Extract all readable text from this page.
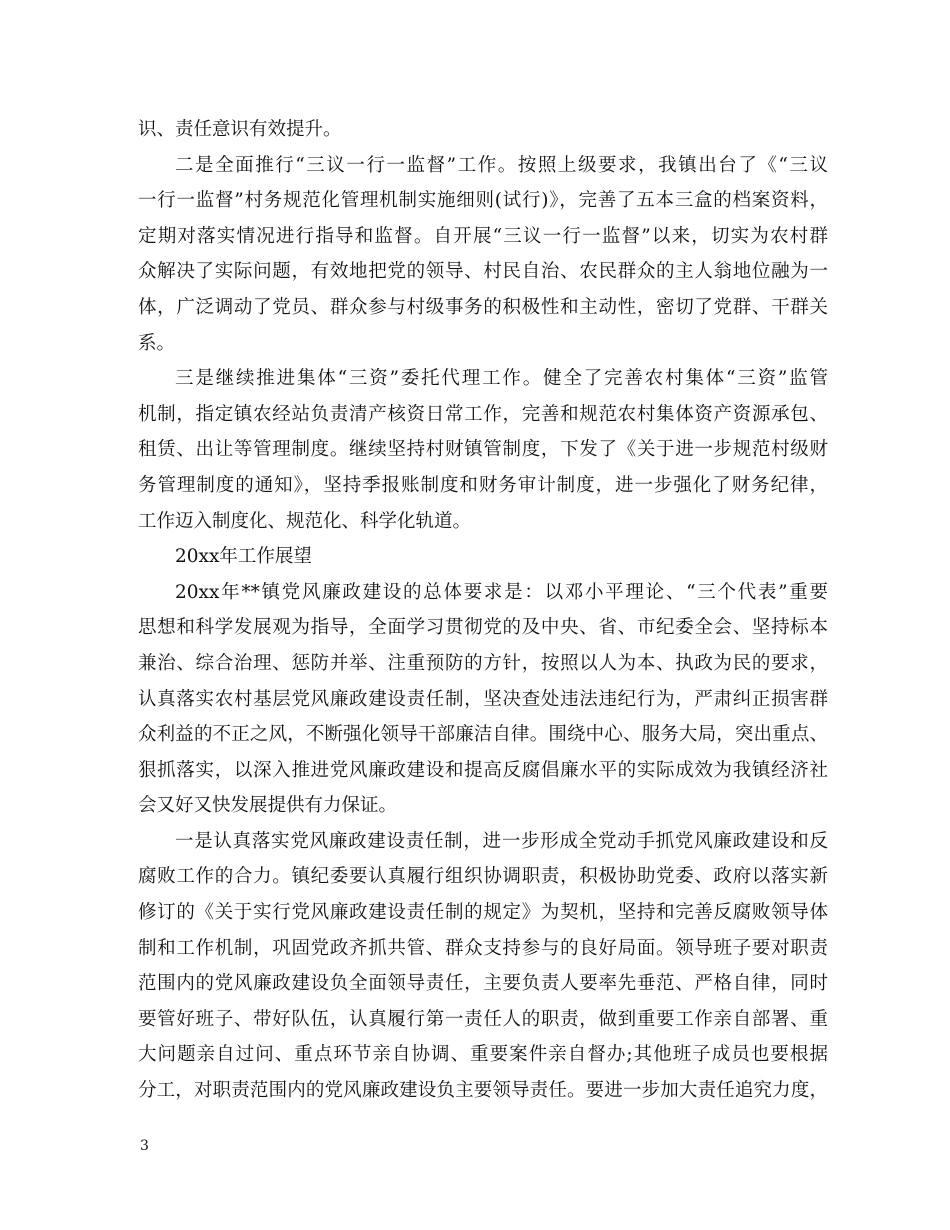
识、责任意识有效提升。
二是全面推行“三议一行一监督”工作。按照上级要求，我镇出台了《“三议
一行一监督”村务规范化管理机制实施细则(试行)》，完善了五本三盒的档案资料，
定期对落实情况进行指导和监督。自开展“三议一行一监督”以来，切实为农村群
众解决了实际问题，有效地把党的领导、村民自治、农民群众的主人翁地位融为一
体，广泛调动了党员、群众参与村级事务的积极性和主动性，密切了党群、干群关
系。
三是继续推进集体“三资”委托代理工作。健全了完善农村集体“三资”监管
机制，指定镇农经站负责清产核资日常工作，完善和规范农村集体资产资源承包、
租赁、出让等管理制度。继续坚持村财镇管制度，下发了《关于进一步规范村级财
务管理制度的通知》，坚持季报账制度和财务审计制度，进一步强化了财务纪律，
工作迈入制度化、规范化、科学化轨道。
20xx年工作展望
20xx年**镇党风廉政建设的总体要求是：以邓小平理论、“三个代表”重要
思想和科学发展观为指导，全面学习贯彻党的及中央、省、市纪委全会、坚持标本
兼治、综合治理、惩防并举、注重预防的方针，按照以人为本、执政为民的要求，
认真落实农村基层党风廉政建设责任制，坚决查处违法违纪行为，严肃纠正损害群
众利益的不正之风，不断强化领导干部廉洁自律。围绕中心、服务大局，突出重点、
狠抓落实，以深入推进党风廉政建设和提高反腐倡廉水平的实际成效为我镇经济社
会又好又快发展提供有力保证。
一是认真落实党风廉政建设责任制，进一步形成全党动手抓党风廉政建设和反
腐败工作的合力。镇纪委要认真履行组织协调职责，积极协助党委、政府以落实新
修订的《关于实行党风廉政建设责任制的规定》为契机，坚持和完善反腐败领导体
制和工作机制，巩固党政齐抓共管、群众支持参与的良好局面。领导班子要对职责
范围内的党风廉政建设负全面领导责任，主要负责人要率先垂范、严格自律，同时
要管好班子、带好队伍，认真履行第一责任人的职责，做到重要工作亲自部署、重
大问题亲自过问、重点环节亲自协调、重要案件亲自督办;其他班子成员也要根据
分工，对职责范围内的党风廉政建设负主要领导责任。要进一步加大责任追究力度，
3
